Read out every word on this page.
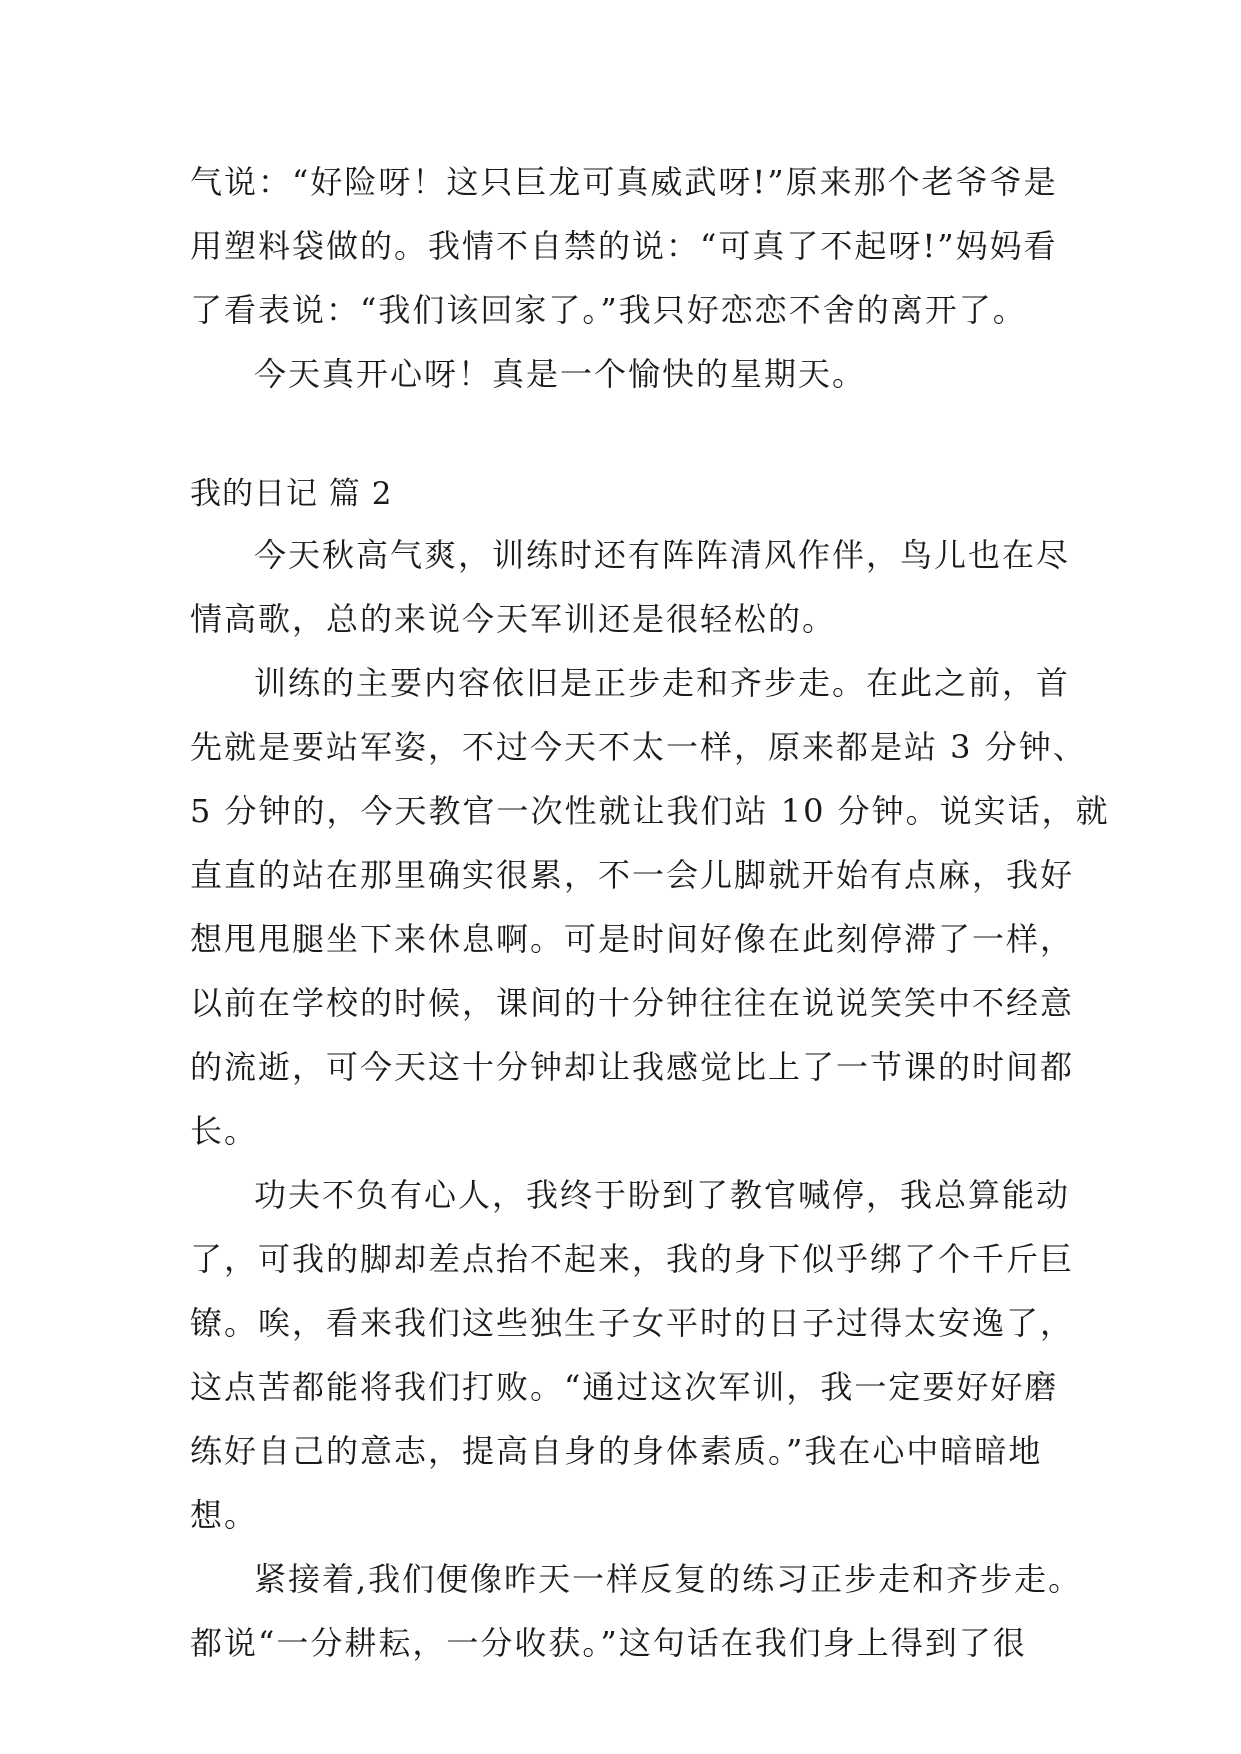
气说：“好险呀！这只巨龙可真威武呀!”原来那个老爷爷是
用塑料袋做的。我情不自禁的说：“可真了不起呀!”妈妈看
了看表说：“我们该回家了。”我只好恋恋不舍的离开了。
今天真开心呀！真是一个愉快的星期天。
我的日记 篇 2
今天秋高气爽，训练时还有阵阵清风作伴，鸟儿也在尽
情高歌，总的来说今天军训还是很轻松的。
训练的主要内容依旧是正步走和齐步走。在此之前，首
先就是要站军姿，不过今天不太一样，原来都是站 3 分钟、
5 分钟的，今天教官一次性就让我们站 10 分钟。说实话，就
直直的站在那里确实很累，不一会儿脚就开始有点麻，我好
想甩甩腿坐下来休息啊。可是时间好像在此刻停滞了一样，
以前在学校的时候，课间的十分钟往往在说说笑笑中不经意
的流逝，可今天这十分钟却让我感觉比上了一节课的时间都
长。
功夫不负有心人，我终于盼到了教官喊停，我总算能动
了，可我的脚却差点抬不起来，我的身下似乎绑了个千斤巨
镣。唉，看来我们这些独生子女平时的日子过得太安逸了，
这点苦都能将我们打败。“通过这次军训，我一定要好好磨
练好自己的意志，提高自身的身体素质。”我在心中暗暗地
想。
紧接着,我们便像昨天一样反复的练习正步走和齐步走。
都说“一分耕耘，一分收获。”这句话在我们身上得到了很
